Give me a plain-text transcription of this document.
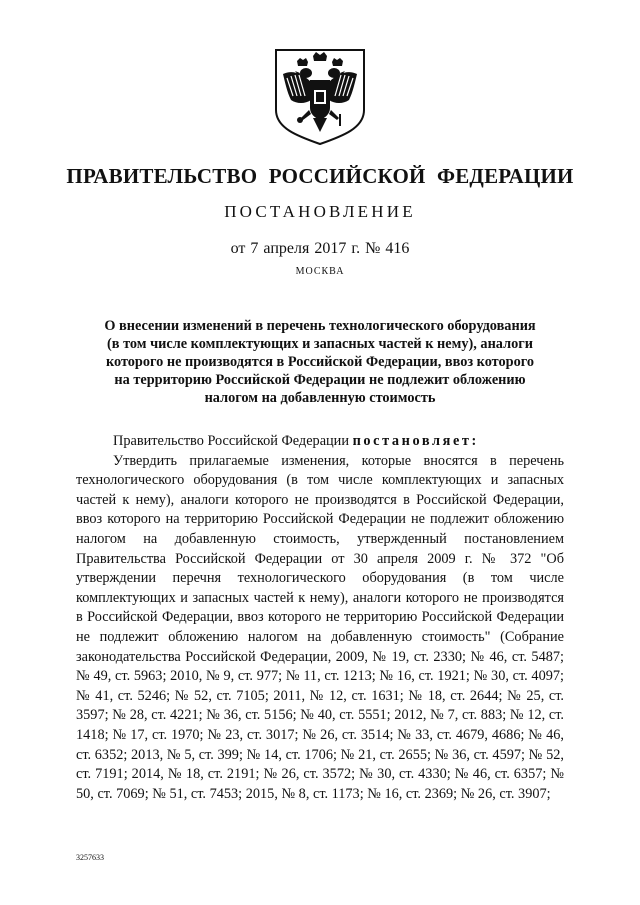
ПРАВИТЕЛЬСТВО РОССИЙСКОЙ ФЕДЕРАЦИИ
ПОСТАНОВЛЕНИЕ
от 7 апреля 2017 г. № 416
МОСКВА
О внесении изменений в перечень технологического оборудования
(в том числе комплектующих и запасных частей к нему), аналоги
которого не производятся в Российской Федерации, ввоз которого
на территорию Российской Федерации не подлежит обложению
налогом на добавленную стоимость

Правительство Российской Федерации постановляет:

Утвердить прилагаемые изменения, которые вносятся в перечень технологического оборудования (в том числе комплектующих и запасных частей к нему), аналоги которого не производятся в Российской Федерации, ввоз которого на территорию Российской Федерации не подлежит обложению налогом на добавленную стоимость, утвержденный постановлением Правительства Российской Федерации от 30 апреля 2009 г. № 372 "Об утверждении перечня технологического оборудования (в том числе комплектующих и запасных частей к нему), аналоги которого не производятся в Российской Федерации, ввоз которого не территорию Российской Федерации не подлежит обложению налогом на добавленную стоимость" (Собрание законодательства Российской Федерации, 2009, № 19, ст. 2330; № 46, ст. 5487; № 49, ст. 5963; 2010, № 9, ст. 977; № 11, ст. 1213; № 16, ст. 1921; № 30, ст. 4097; № 41, ст. 5246; № 52, ст. 7105; 2011, № 12, ст. 1631; № 18, ст. 2644; № 25, ст. 3597; № 28, ст. 4221; № 36, ст. 5156; № 40, ст. 5551; 2012, № 7, ст. 883; № 12, ст. 1418; № 17, ст. 1970; № 23, ст. 3017; № 26, ст. 3514; № 33, ст. 4679, 4686; № 46, ст. 6352; 2013, № 5, ст. 399; № 14, ст. 1706; № 21, ст. 2655; № 36, ст. 4597; № 52, ст. 7191; 2014, № 18, ст. 2191; № 26, ст. 3572; № 30, ст. 4330; № 46, ст. 6357; № 50, ст. 7069; № 51, ст. 7453; 2015, № 8, ст. 1173; № 16, ст. 2369; № 26, ст. 3907;

3257633
